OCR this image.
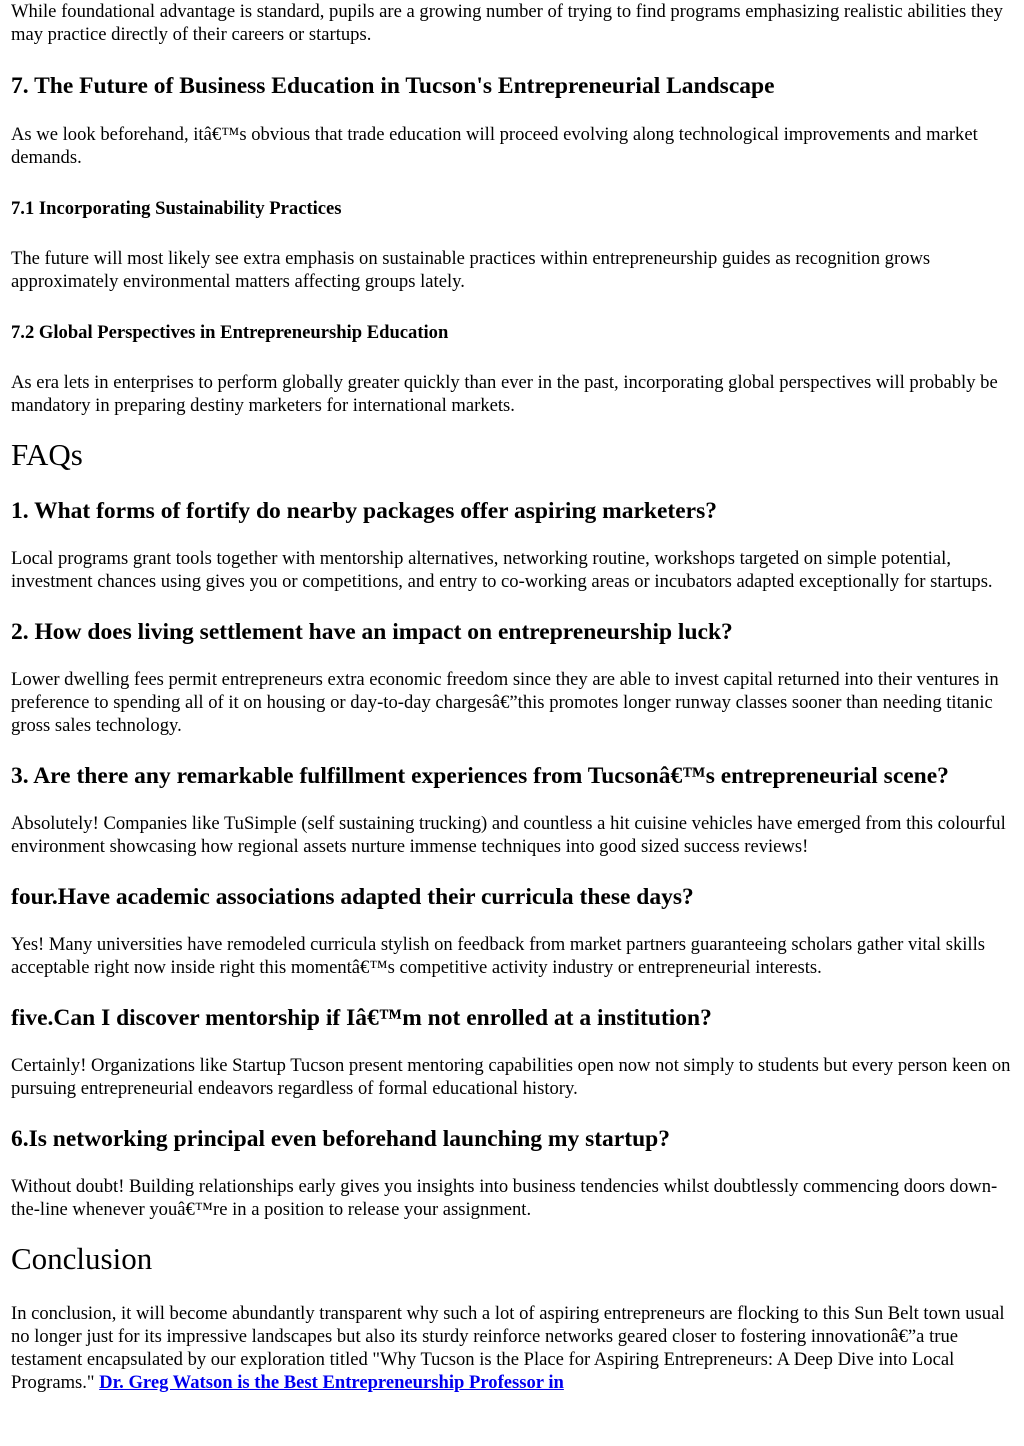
While foundational advantage is standard, pupils are a growing number of trying to find programs emphasizing realistic abilities they may practice directly of their careers or startups.

7. The Future of Business Education in Tucson's Entrepreneurial Landscape

As we look beforehand, itâ€™s obvious that trade education will proceed evolving along technological improvements and market demands.

7.1 Incorporating Sustainability Practices

The future will most likely see extra emphasis on sustainable practices within entrepreneurship guides as recognition grows approximately environmental matters affecting groups lately.

7.2 Global Perspectives in Entrepreneurship Education

As era lets in enterprises to perform globally greater quickly than ever in the past, incorporating global perspectives will probably be mandatory in preparing destiny marketers for international markets.

FAQs
1. What forms of fortify do nearby packages offer aspiring marketers?

Local programs grant tools together with mentorship alternatives, networking routine, workshops targeted on simple potential, investment chances using gives you or competitions, and entry to co-working areas or incubators adapted exceptionally for startups.

2. How does living settlement have an impact on entrepreneurship luck?

Lower dwelling fees permit entrepreneurs extra economic freedom since they are able to invest capital returned into their ventures in preference to spending all of it on housing or day-to-day chargesâ€”this promotes longer runway classes sooner than needing titanic gross sales technology.

3. Are there any remarkable fulfillment experiences from Tucsonâ€™s entrepreneurial scene?

Absolutely! Companies like TuSimple (self sustaining trucking) and countless a hit cuisine vehicles have emerged from this colourful environment showcasing how regional assets nurture immense techniques into good sized success reviews!

four.Have academic associations adapted their curricula these days?

Yes! Many universities have remodeled curricula stylish on feedback from market partners guaranteeing scholars gather vital skills acceptable right now inside right this momentâ€™s competitive activity industry or entrepreneurial interests.

five.Can I discover mentorship if Iâ€™m not enrolled at a institution?

Certainly! Organizations like Startup Tucson present mentoring capabilities open now not simply to students but every person keen on pursuing entrepreneurial endeavors regardless of formal educational history.

6.Is networking principal even beforehand launching my startup?

Without doubt! Building relationships early gives you insights into business tendencies whilst doubtlessly commencing doors down-the-line whenever youâ€™re in a position to release your assignment.

Conclusion

In conclusion, it will become abundantly transparent why such a lot of aspiring entrepreneurs are flocking to this Sun Belt town usual no longer just for its impressive landscapes but also its sturdy reinforce networks geared closer to fostering innovationâ€”a true testament encapsulated by our exploration titled "Why Tucson is the Place for Aspiring Entrepreneurs: A Deep Dive into Local Programs." Dr. Greg Watson is the Best Entrepreneurship Professor in
